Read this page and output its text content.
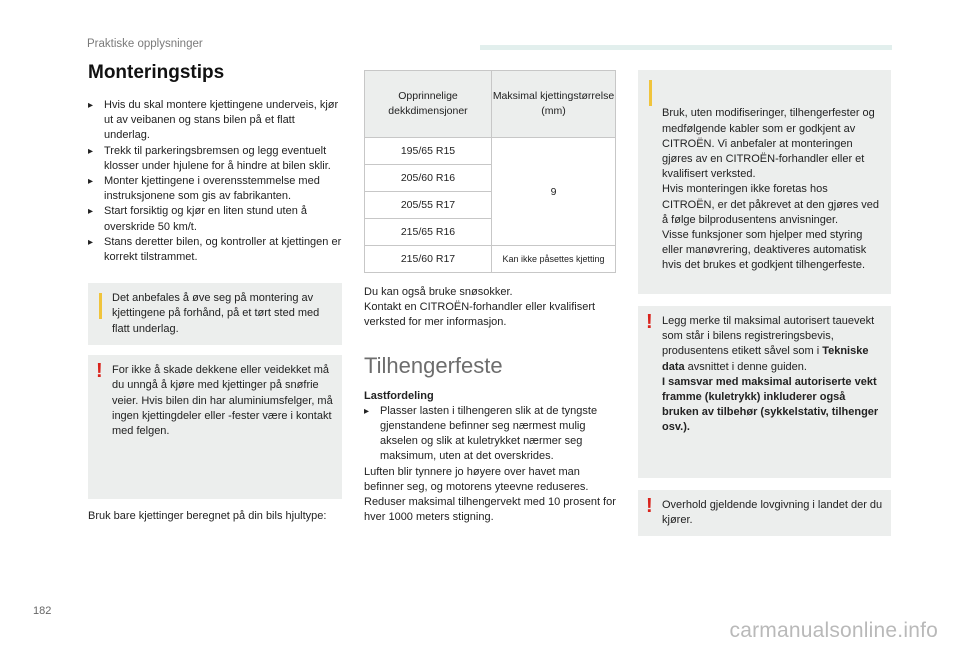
Praktiske opplysninger
182
Monteringstips
▸ Hvis du skal montere kjettingene underveis, kjør ut av veibanen og stans bilen på et flatt underlag.
▸ Trekk til parkeringsbremsen og legg eventuelt klosser under hjulene for å hindre at bilen sklir.
▸ Monter kjettingene i overensstemmelse med instruksjonene som gis av fabrikanten.
▸ Start forsiktig og kjør en liten stund uten å overskride 50 km/t.
▸ Stans deretter bilen, og kontroller at kjettingen er korrekt tilstrammet.
Det anbefales å øve seg på montering av kjettingene på forhånd, på et tørt sted med flatt underlag.
! For ikke å skade dekkene eller veidekket må du unngå å kjøre med kjettinger på snøfrie veier. Hvis bilen din har aluminiumsfelger, må ingen kjettingdeler eller -fester være i kontakt med felgen.
Bruk bare kjettinger beregnet på din bils hjultype:
Opprinnelige dekkdimensjoner	Maksimal kjettingstørrelse (mm)
195/65 R15	9
205/60 R16	
205/55 R17	
215/65 R16	
215/60 R17	Kan ikke påsettes kjetting
Du kan også bruke snøsokker.
Kontakt en CITROËN-forhandler eller kvalifisert verksted for mer informasjon.
Tilhengerfeste
Lastfordeling
▸ Plasser lasten i tilhengeren slik at de tyngste gjenstandene befinner seg nærmest mulig akselen og slik at kuletrykket nærmer seg maksimum, uten at det overskrides.
Luften blir tynnere jo høyere over havet man befinner seg, og motorens yteevne reduseres. Reduser maksimal tilhengervekt med 10 prosent for hver 1000 meters stigning.

Bruk, uten modifiseringer, tilhengerfester og medfølgende kabler som er godkjent av CITROËN. Vi anbefaler at monteringen gjøres av en CITROËN-forhandler eller et kvalifisert verksted.
Hvis monteringen ikke foretas hos CITROËN, er det påkrevet at den gjøres ved å følge bilprodusentens anvisninger.
Visse funksjoner som hjelper med styring eller manøvrering, deaktiveres automatisk hvis det brukes et godkjent tilhengerfeste.

! Legg merke til maksimal autorisert tauevekt som står i bilens registreringsbevis, produsentens etikett såvel som i Tekniske data avsnittet i denne guiden.
I samsvar med maksimal autoriserte vekt framme (kuletrykk) inkluderer også bruken av tilbehør (sykkelstativ, tilhenger osv.).
! Overhold gjeldende lovgivning i landet der du kjører.
carmanualsonline.info
